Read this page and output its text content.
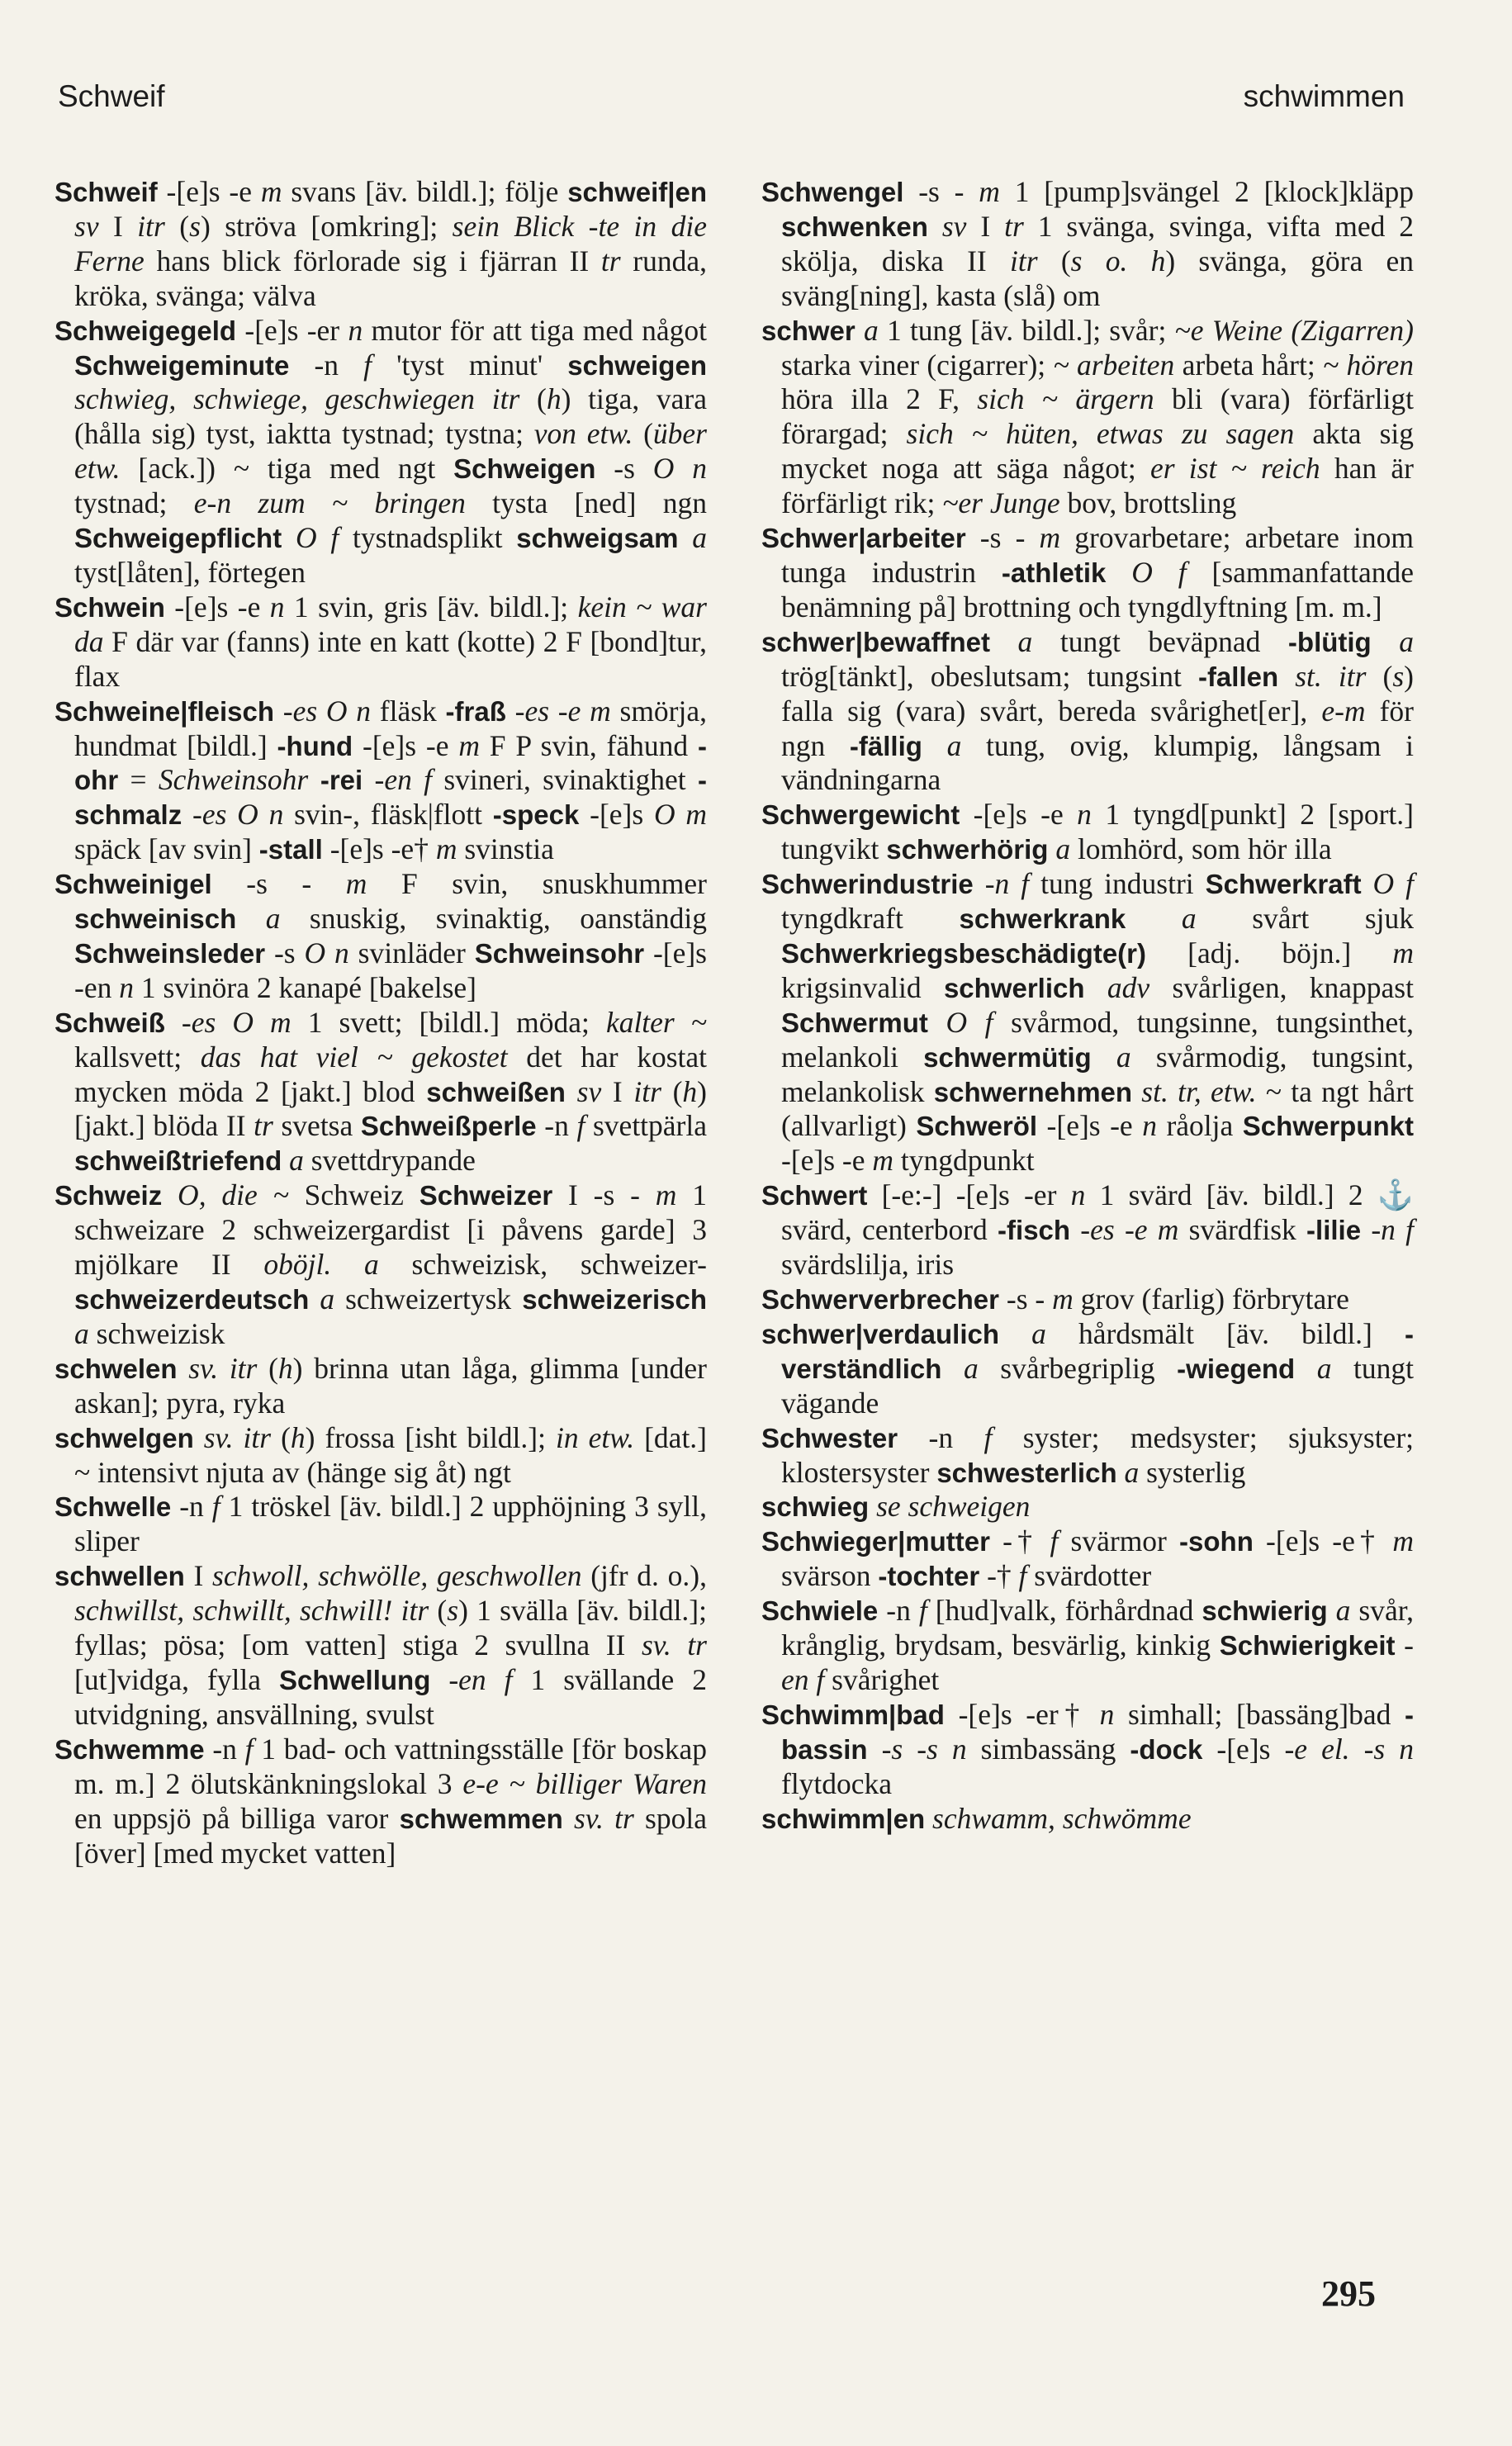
Schweif	schwimmen

Schweif -[e]s -e m svans [äv. bildl.]; följe schweif|en sv I itr (s) ströva [omkring]; sein Blick -te in die Ferne hans blick förlorade sig i fjärran II tr runda, kröka, svänga; välva

Schweigegeld -[e]s -er n mutor för att tiga med något Schweigeminute -n f 'tyst minut' schweigen schwieg, schwiege, geschwiegen itr (h) tiga, vara (hålla sig) tyst, iaktta tystnad; tystna; von etw. (über etw. [ack.]) ~ tiga med ngt Schweigen -s O n tystnad; e-n zum ~ bringen tysta [ned] ngn Schweigepflicht O f tystnadsplikt schweigsam a tyst[låten], förtegen

Schwein -[e]s -e n 1 svin, gris [äv. bildl.]; kein ~ war da F där var (fanns) inte en katt (kotte) 2 F [bond]tur, flax

Schweine|fleisch -es O n fläsk -fraß -es -e m smörja, hundmat [bildl.] -hund -[e]s -e m F P svin, fähund -ohr = Schweinsohr -rei -en f svineri, svinaktighet -schmalz -es O n svin-, fläsk|flott -speck -[e]s O m späck [av svin] -stall -[e]s -e† m svinstia

Schweinigel -s - m F svin, snuskhummer schweinisch a snuskig, svinaktig, oanständig Schweinsleder -s O n svinläder Schweinsohr -[e]s -en n 1 svinöra 2 kanapé [bakelse]

Schweiß -es O m 1 svett; [bildl.] möda; kalter ~ kallsvett; das hat viel ~ gekostet det har kostat mycken möda 2 [jakt.] blod schweißen sv I itr (h) [jakt.] blöda II tr svetsa Schweißperle -n f svettpärla schweißtriefend a svettdrypande

Schweiz O, die ~ Schweiz Schweizer I -s - m 1 schweizare 2 schweizergardist [i påvens garde] 3 mjölkare II oböjl. a schweizisk, schweizer- schweizerdeutsch a schweizertysk schweizerisch a schweizisk

schwelen sv. itr (h) brinna utan låga, glimma [under askan]; pyra, ryka

schwelgen sv. itr (h) frossa [isht bildl.]; in etw. [dat.] ~ intensivt njuta av (hänge sig åt) ngt

Schwelle -n f 1 tröskel [äv. bildl.] 2 upphöjning 3 syll, sliper

schwellen I schwoll, schwölle, geschwollen (jfr d. o.), schwillst, schwillt, schwill! itr (s) 1 svälla [äv. bildl.]; fyllas; pösa; [om vatten] stiga 2 svullna II sv. tr [ut]vidga, fylla Schwellung -en f 1 svällande 2 utvidgning, ansvällning, svulst

Schwemme -n f 1 bad- och vattningsställe [för boskap m. m.] 2 ölutskänkningslokal 3 e-e ~ billiger Waren en uppsjö på billiga varor schwemmen sv. tr spola [över] [med mycket vatten]

Schwengel -s - m 1 [pump]svängel 2 [klock]kläpp schwenken sv I tr 1 svänga, svinga, vifta med 2 skölja, diska II itr (s o. h) svänga, göra en sväng[ning], kasta (slå) om

schwer a 1 tung [äv. bildl.]; svår; ~e Weine (Zigarren) starka viner (cigarrer); ~ arbeiten arbeta hårt; ~ hören höra illa 2 F, sich ~ ärgern bli (vara) förfärligt förargad; sich ~ hüten, etwas zu sagen akta sig mycket noga att säga något; er ist ~ reich han är förfärligt rik; ~er Junge bov, brottsling

Schwer|arbeiter -s - m grovarbetare; arbetare inom tunga industrin -athletik O f [sammanfattande benämning på] brottning och tyngdlyftning [m. m.]

schwer|bewaffnet a tungt beväpnad -blütig a trög[tänkt], obeslutsam; tungsint -fallen st. itr (s) falla sig (vara) svårt, bereda svårighet[er], e-m för ngn -fällig a tung, ovig, klumpig, långsam i vändningarna

Schwergewicht -[e]s -e n 1 tyngd[punkt] 2 [sport.] tungvikt schwerhörig a lomhörd, som hör illa

Schwerindustrie -n f tung industri Schwerkraft O f tyngdkraft schwerkrank a svårt sjuk Schwerkriegsbeschädigte(r) [adj. böjn.] m krigsinvalid schwerlich adv svårligen, knappast Schwermut O f svårmod, tungsinne, tungsinthet, melankoli schwermütig a svårmodig, tungsint, melankolisk schwernehmen st. tr, etw. ~ ta ngt hårt (allvarligt) Schweröl -[e]s -e n råolja Schwerpunkt -[e]s -e m tyngdpunkt

Schwert [-e:-] -[e]s -er n 1 svärd [äv. bildl.] 2 ⚓ svärd, centerbord -fisch -es -e m svärdfisk -lilie -n f svärdslilja, iris

Schwerverbrecher -s - m grov (farlig) förbrytare

schwer|verdaulich a hårdsmält [äv. bildl.] -verständlich a svårbegriplig -wiegend a tungt vägande

Schwester -n f syster; medsyster; sjuksyster; klostersyster schwesterlich a systerlig

schwieg se schweigen

Schwieger|mutter -† f svärmor -sohn -[e]s -e† m svärson -tochter -† f svärdotter

Schwiele -n f [hud]valk, förhårdnad schwierig a svår, krånglig, brydsam, besvärlig, kinkig Schwierigkeit -en f svårighet

Schwimm|bad -[e]s -er† n simhall; [bassäng]bad -bassin -s -s n simbassäng -dock -[e]s -e el. -s n flytdocka

schwimm|en schwamm, schwömme

295
